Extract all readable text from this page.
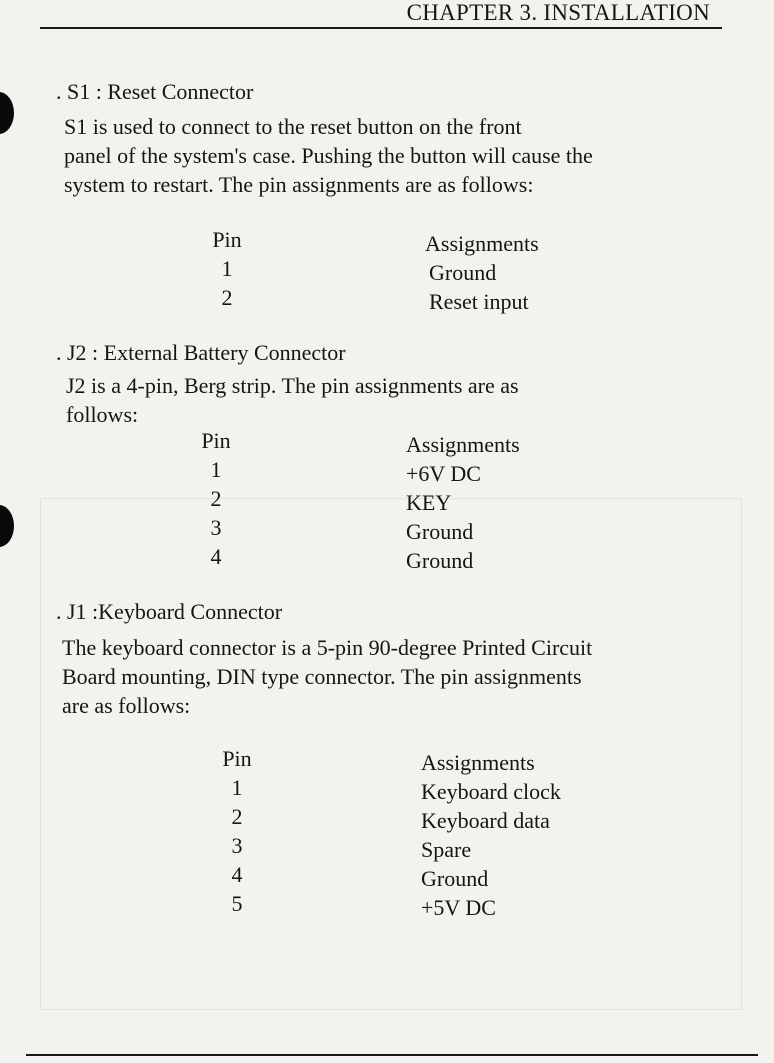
CHAPTER 3. INSTALLATION
. S1 : Reset Connector
S1 is used to connect to the reset button on the front
panel of the system's case. Pushing the button will cause the
system to restart. The pin assignments are as follows:
Pin
1
2
Assignments
Ground
Reset input
. J2 : External Battery Connector
J2 is a 4-pin, Berg strip. The pin assignments are as
follows:
Pin
1
2
3
4
Assignments
+6V DC
KEY
Ground
Ground
. J1 :Keyboard Connector
The keyboard connector is a 5-pin 90-degree Printed Circuit
Board mounting, DIN type connector. The pin assignments
are as follows:
Pin
1
2
3
4
5
Assignments
Keyboard clock
Keyboard data
Spare
Ground
+5V DC
